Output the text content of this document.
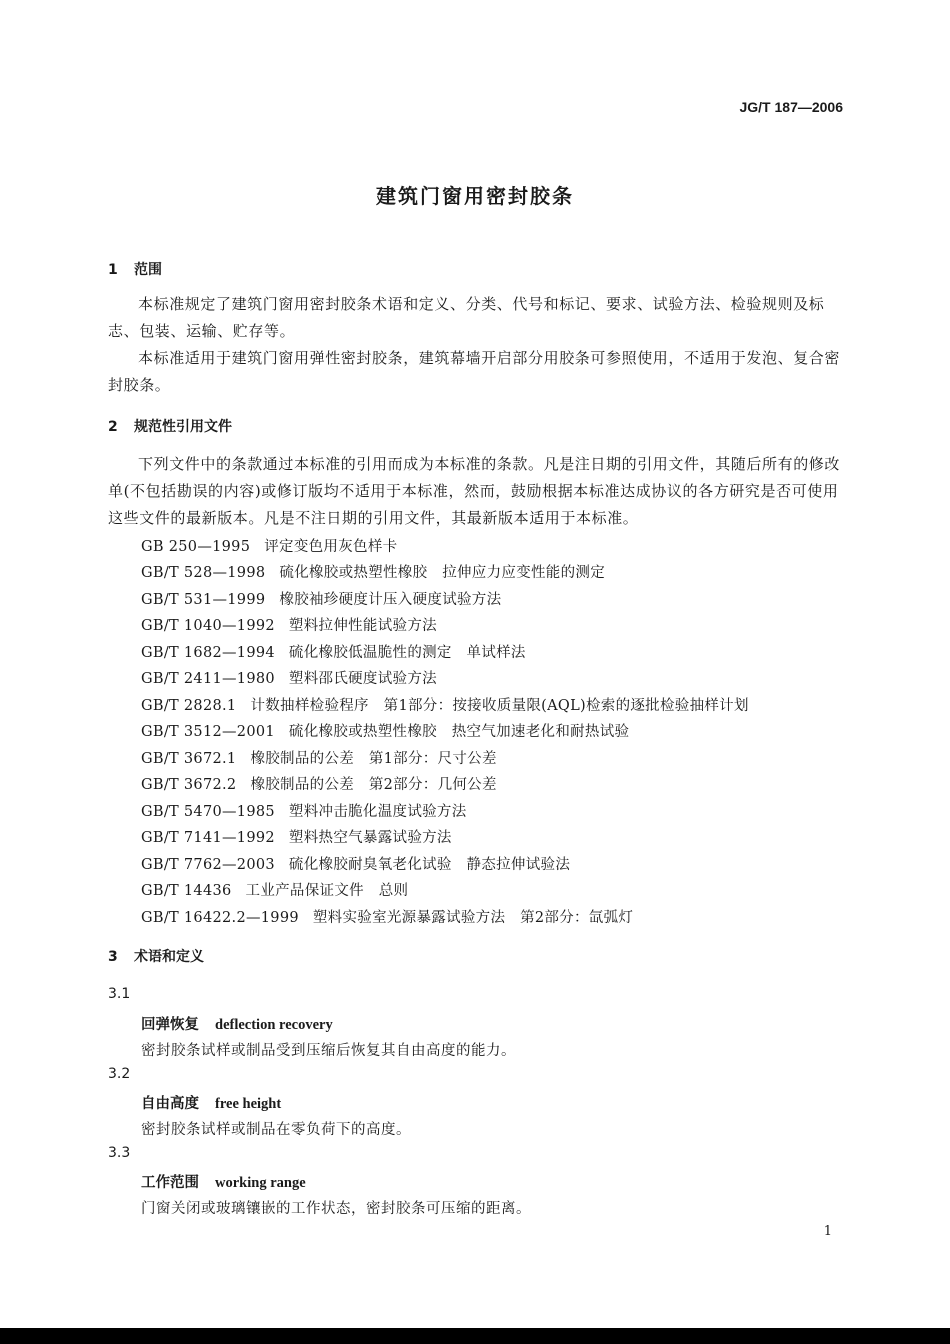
JG/T 187—2006
建筑门窗用密封胶条
1 范围
本标准规定了建筑门窗用密封胶条术语和定义、分类、代号和标记、要求、试验方法、检验规则及标志、包装、运输、贮存等。
本标准适用于建筑门窗用弹性密封胶条，建筑幕墙开启部分用胶条可参照使用，不适用于发泡、复合密封胶条。
2 规范性引用文件
下列文件中的条款通过本标准的引用而成为本标准的条款。凡是注日期的引用文件，其随后所有的修改单(不包括勘误的内容)或修订版均不适用于本标准，然而，鼓励根据本标准达成协议的各方研究是否可使用这些文件的最新版本。凡是不注日期的引用文件，其最新版本适用于本标准。
GB 250—1995 评定变色用灰色样卡
GB/T 528—1998 硫化橡胶或热塑性橡胶　拉伸应力应变性能的测定
GB/T 531—1999 橡胶袖珍硬度计压入硬度试验方法
GB/T 1040—1992 塑料拉伸性能试验方法
GB/T 1682—1994 硫化橡胶低温脆性的测定　单试样法
GB/T 2411—1980 塑料邵氏硬度试验方法
GB/T 2828.1 计数抽样检验程序　第1部分：按接收质量限(AQL)检索的逐批检验抽样计划
GB/T 3512—2001 硫化橡胶或热塑性橡胶　热空气加速老化和耐热试验
GB/T 3672.1 橡胶制品的公差　第1部分：尺寸公差
GB/T 3672.2 橡胶制品的公差　第2部分：几何公差
GB/T 5470—1985 塑料冲击脆化温度试验方法
GB/T 7141—1992 塑料热空气暴露试验方法
GB/T 7762—2003 硫化橡胶耐臭氧老化试验　静态拉伸试验法
GB/T 14436 工业产品保证文件　总则
GB/T 16422.2—1999 塑料实验室光源暴露试验方法　第2部分：氙弧灯
3 术语和定义
3.1
回弹恢复 deflection recovery
密封胶条试样或制品受到压缩后恢复其自由高度的能力。
3.2
自由高度 free height
密封胶条试样或制品在零负荷下的高度。
3.3
工作范围 working range
门窗关闭或玻璃镶嵌的工作状态，密封胶条可压缩的距离。
1
